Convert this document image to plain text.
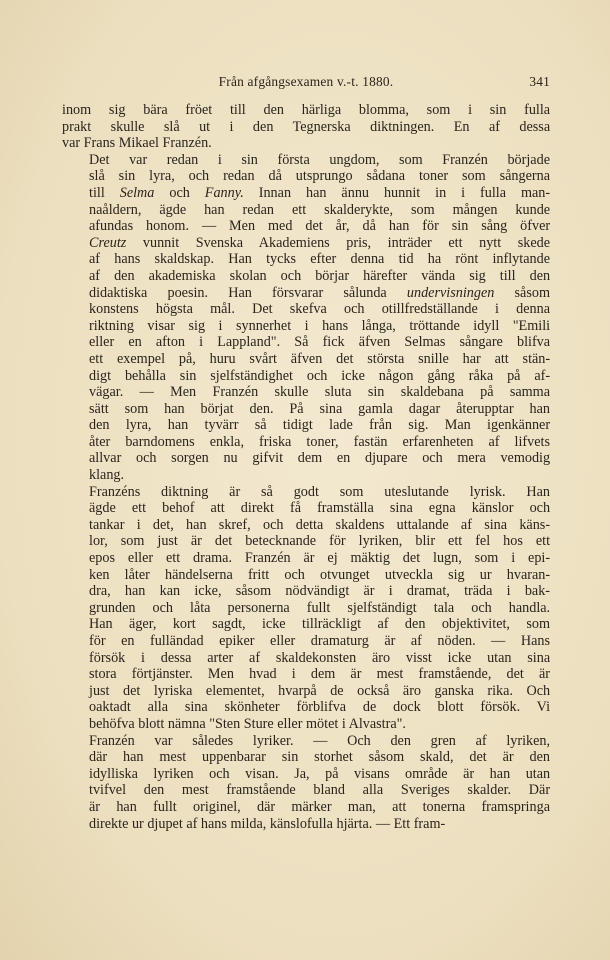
Från afgångsexamen v.-t. 1880.	341

inom sig bära fröet till den härliga blomma, som i sin fulla
prakt skulle slå ut i den Tegnerska diktningen. En af dessa
var Frans Mikael Franzén.

Det var redan i sin första ungdom, som Franzén började
slå sin lyra, och redan då utsprungo sådana toner som sångerna
till Selma och Fanny. Innan han ännu hunnit in i fulla man-
naåldern, ägde han redan ett skalderykte, som mången kunde
afundas honom. — Men med det år, då han för sin sång öfver
Creutz vunnit Svenska Akademiens pris, inträder ett nytt skede
af hans skaldskap. Han tycks efter denna tid ha rönt inflytande
af den akademiska skolan och börjar härefter vända sig till den
didaktiska poesin. Han försvarar sålunda undervisningen såsom
konstens högsta mål. Det skefva och otillfredställande i denna
riktning visar sig i synnerhet i hans långa, tröttande idyll "Emili
eller en afton i Lappland". Så fick äfven Selmas sångare blifva
ett exempel på, huru svårt äfven det största snille har att stän-
digt behålla sin sjelfständighet och icke någon gång råka på af-
vägar. — Men Franzén skulle sluta sin skaldebana på samma
sätt som han börjat den. På sina gamla dagar återupptar han
den lyra, han tyvärr så tidigt lade från sig. Man igenkänner
åter barndomens enkla, friska toner, fastän erfarenheten af lifvets
allvar och sorgen nu gifvit dem en djupare och mera vemodig
klang.

Franzéns diktning är så godt som uteslutande lyrisk. Han
ägde ett behof att direkt få framställa sina egna känslor och
tankar i det, han skref, och detta skaldens uttalande af sina käns-
lor, som just är det betecknande för lyriken, blir ett fel hos ett
epos eller ett drama. Franzén är ej mäktig det lugn, som i epi-
ken låter händelserna fritt och otvunget utveckla sig ur hvaran-
dra, han kan icke, såsom nödvändigt är i dramat, träda i bak-
grunden och låta personerna fullt sjelfständigt tala och handla.
Han äger, kort sagdt, icke tillräckligt af den objektivitet, som
för en fulländad epiker eller dramaturg är af nöden. — Hans
försök i dessa arter af skaldekonsten äro visst icke utan sina
stora förtjänster. Men hvad i dem är mest framstående, det är
just det lyriska elementet, hvarpå de också äro ganska rika. Och
oaktadt alla sina skönheter förblifva de dock blott försök. Vi
behöfva blott nämna "Sten Sture eller mötet i Alvastra".

Franzén var således lyriker. — Och den gren af lyriken,
där han mest uppenbarar sin storhet såsom skald, det är den
idylliska lyriken och visan. Ja, på visans område är han utan
tvifvel den mest framstående bland alla Sveriges skalder. Där
är han fullt originel, där märker man, att tonerna framspringa
direkte ur djupet af hans milda, känslofulla hjärta. — Ett fram-
